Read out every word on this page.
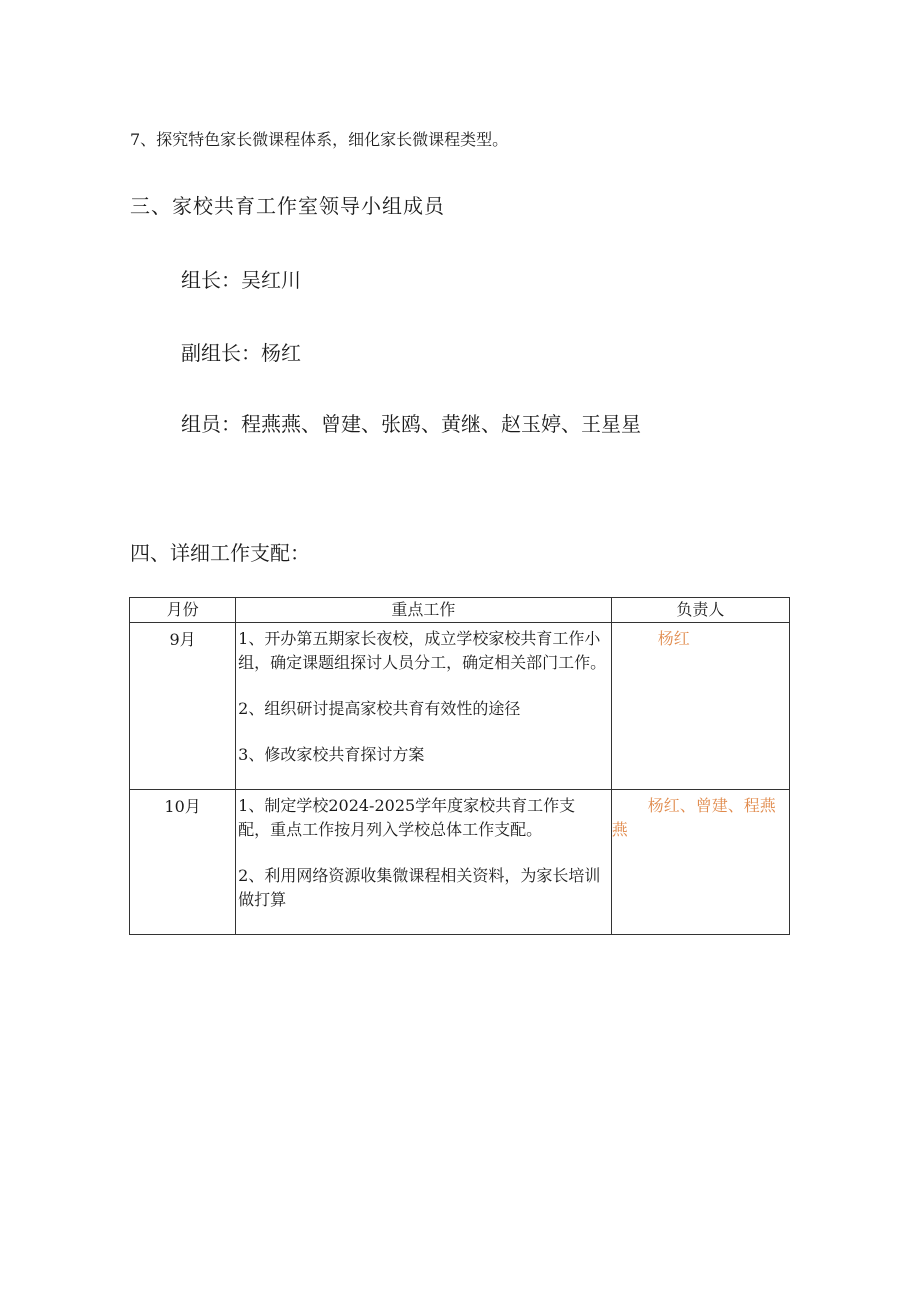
7、探究特色家长微课程体系，细化家长微课程类型。
三、家校共育工作室领导小组成员
组长：吴红川
副组长：杨红
组员：程燕燕、曾建、张鸥、黄继、赵玉婷、王星星
四、详细工作支配：
月份	重点工作	负责人
9月	1、开办第五期家长夜校，成立学校家校共育工作小组，确定课题组探讨人员分工，确定相关部门工作。
2、组织研讨提高家校共育有效性的途径
3、修改家校共育探讨方案	杨红
10月	1、制定学校2024-2025学年度家校共育工作支配，重点工作按月列入学校总体工作支配。
2、利用网络资源收集微课程相关资料，为家长培训做打算	杨红、曾建、程燕燕
